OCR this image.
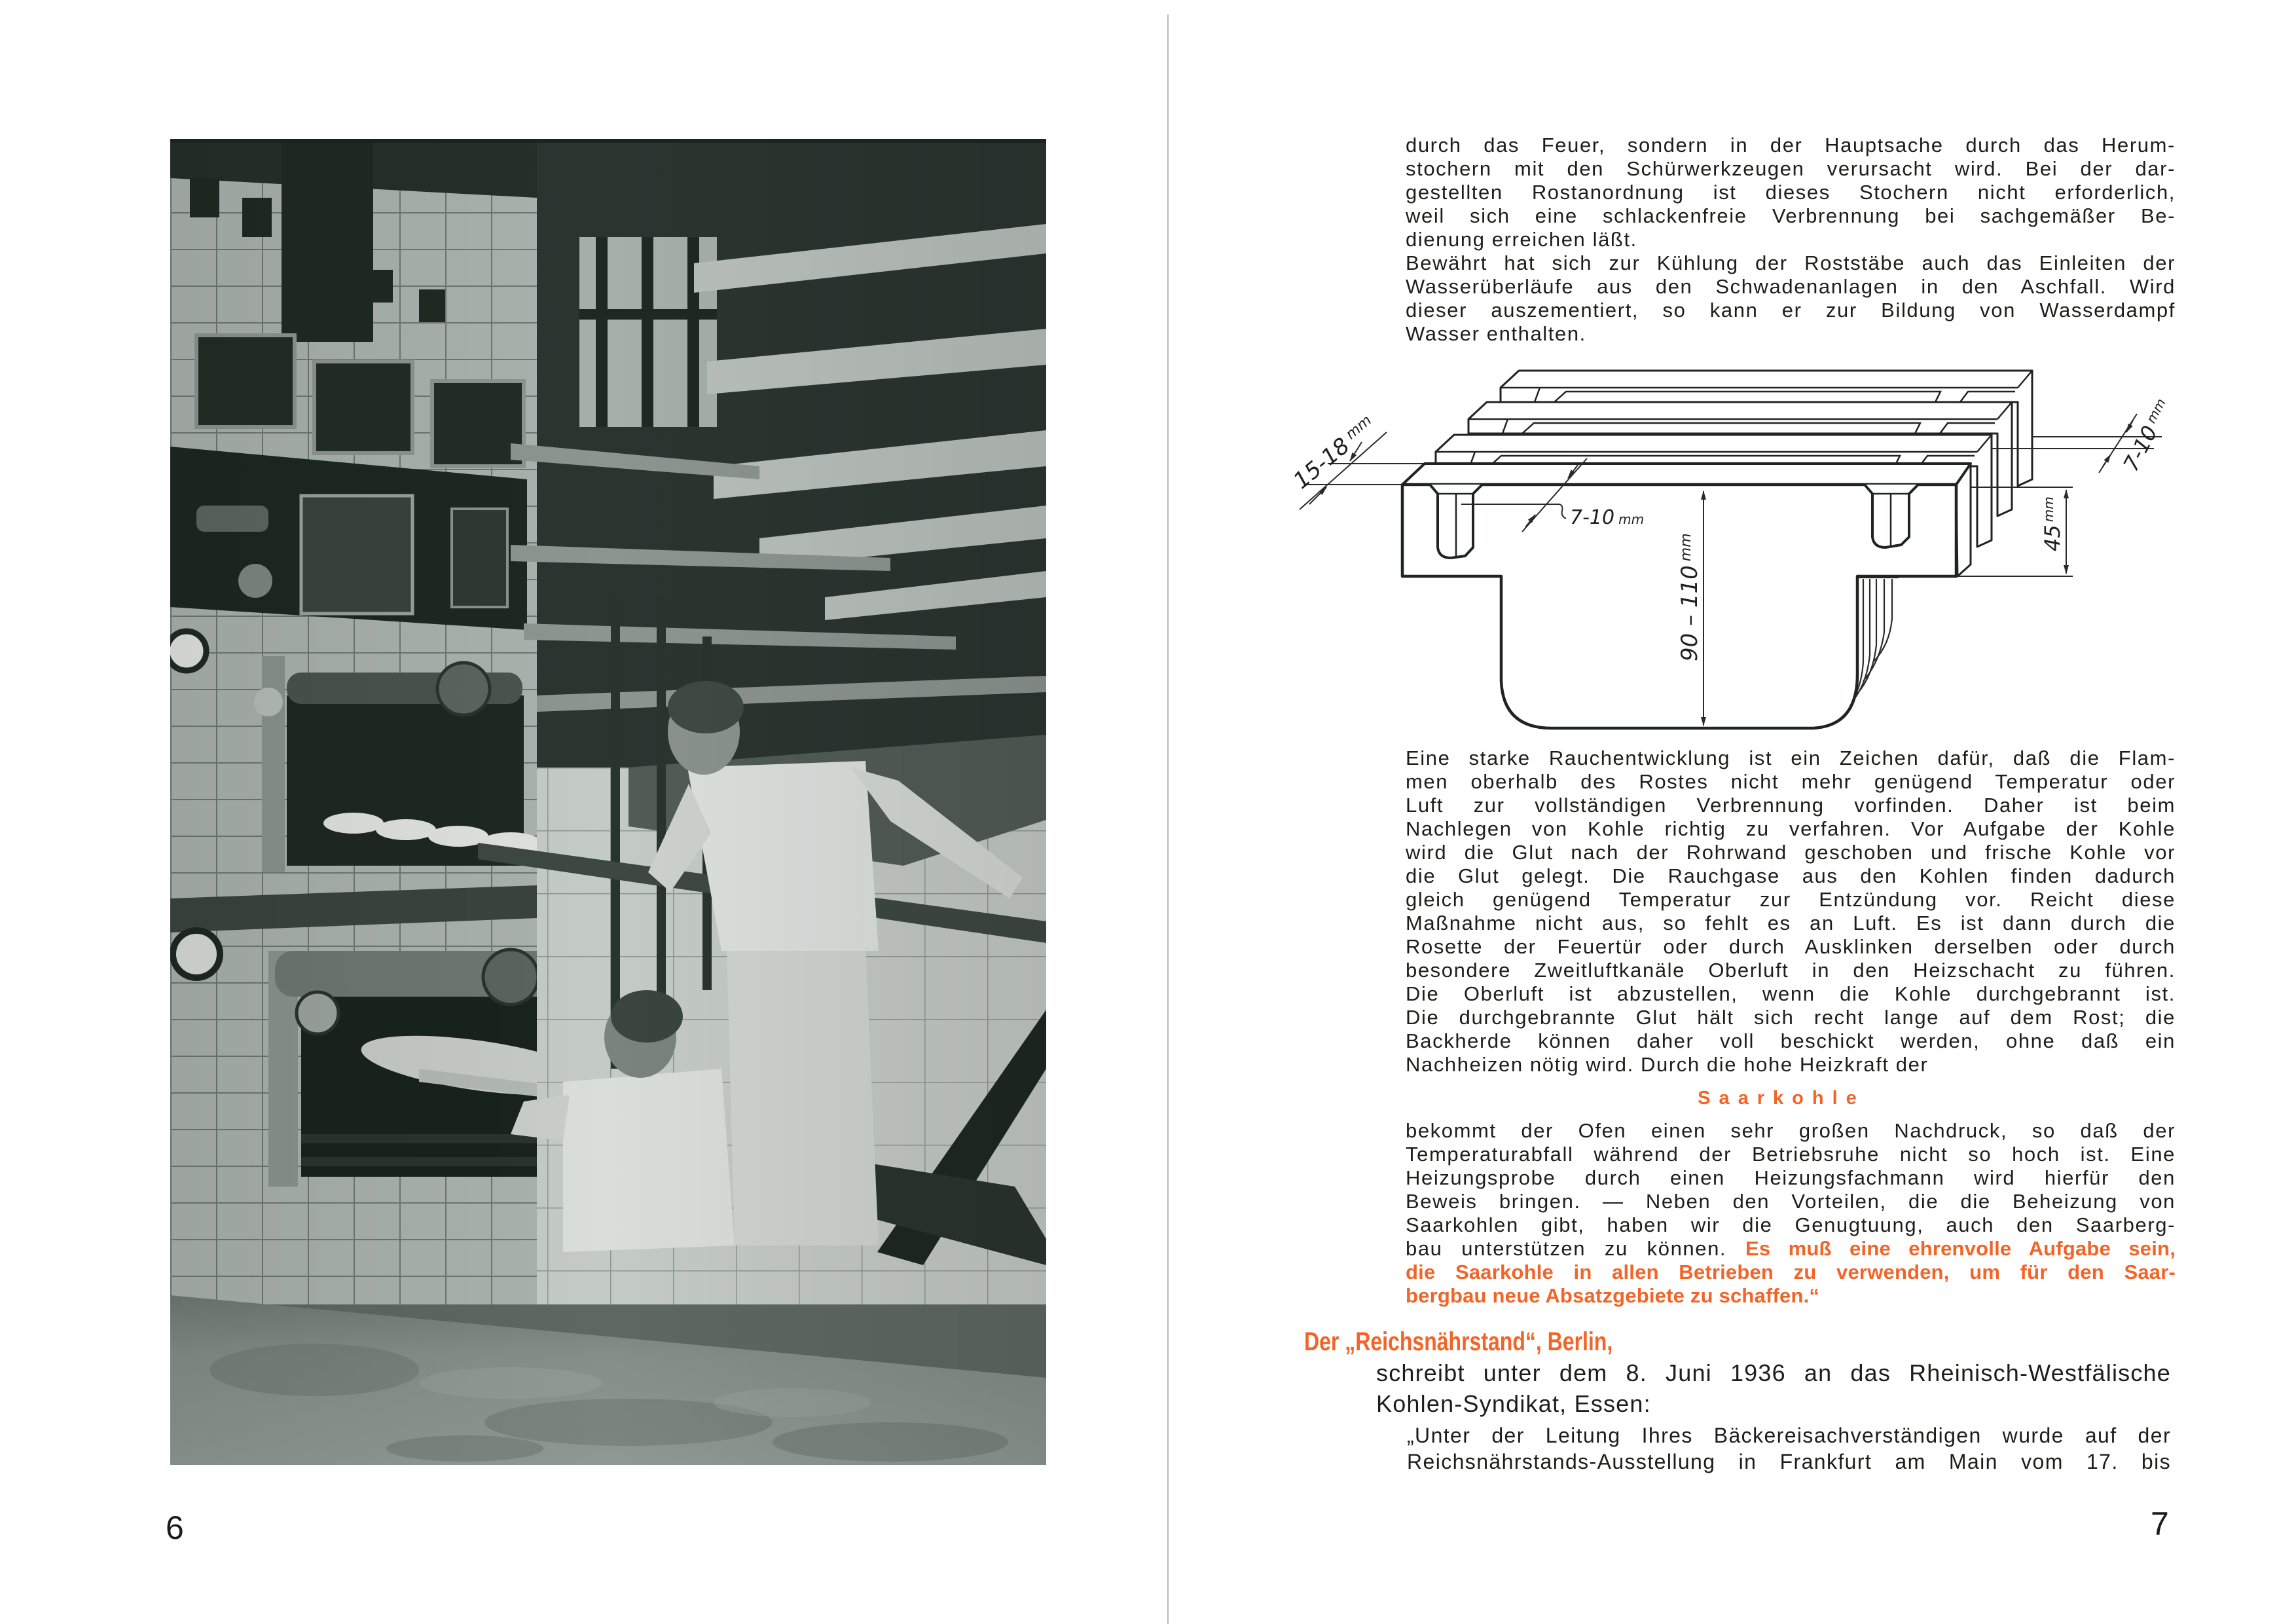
6
durch das Feuer, sondern in der Hauptsache durch das Herum-
stochern mit den Schürwerkzeugen verursacht wird. Bei der dar-
gestellten Rostanordnung ist dieses Stochern nicht erforderlich,
weil sich eine schlackenfreie Verbrennung bei sachgemäßer Be-
dienung erreichen läßt.
Bewährt hat sich zur Kühlung der Roststäbe auch das Einleiten der
Wasserüberläufe aus den Schwadenanlagen in den Aschfall. Wird
dieser auszementiert, so kann er zur Bildung von Wasserdampf
Wasser enthalten.
$15-18^{mm}$
7-10 mm
$90 - 110^{mm}$	$45^{mm}$
$7-10^{mm}$
Eine starke Rauchentwicklung ist ein Zeichen dafür, daß die Flam-
men oberhalb des Rostes nicht mehr genügend Temperatur oder
Luft zur vollständigen Verbrennung vorfinden. Daher ist beim
Nachlegen von Kohle richtig zu verfahren. Vor Aufgabe der Kohle
wird die Glut nach der Rohrwand geschoben und frische Kohle vor
die Glut gelegt. Die Rauchgase aus den Kohlen finden dadurch
gleich genügend Temperatur zur Entzündung vor. Reicht diese
Maßnahme nicht aus, so fehlt es an Luft. Es ist dann durch die
Rosette der Feuertür oder durch Ausklinken derselben oder durch
besondere Zweitluftkanäle Oberluft in den Heizschacht zu führen.
Die Oberluft ist abzustellen, wenn die Kohle durchgebrannt ist.
Die durchgebrannte Glut hält sich recht lange auf dem Rost; die
Backherde können daher voll beschickt werden, ohne daß ein
Nachheizen nötig wird. Durch die hohe Heizkraft der
Saarkohle
bekommt der Ofen einen sehr großen Nachdruck, so daß der
Temperaturabfall während der Betriebsruhe nicht so hoch ist. Eine
Heizungsprobe durch einen Heizungsfachmann wird hierfür den
Beweis bringen. — Neben den Vorteilen, die die Beheizung von
Saarkohlen gibt, haben wir die Genugtuung, auch den Saarberg-
bau unterstützen zu können. Es muß eine ehrenvolle Aufgabe sein,
die Saarkohle in allen Betrieben zu verwenden, um für den Saar-
bergbau neue Absatzgebiete zu schaffen.“
Der „Reichsnährstand“, Berlin,
schreibt unter dem 8. Juni 1936 an das Rheinisch-Westfälische
Kohlen-Syndikat, Essen:
„Unter der Leitung Ihres Bäckereisachverständigen wurde auf der
Reichsnährstands-Ausstellung in Frankfurt am Main vom 17. bis
7
